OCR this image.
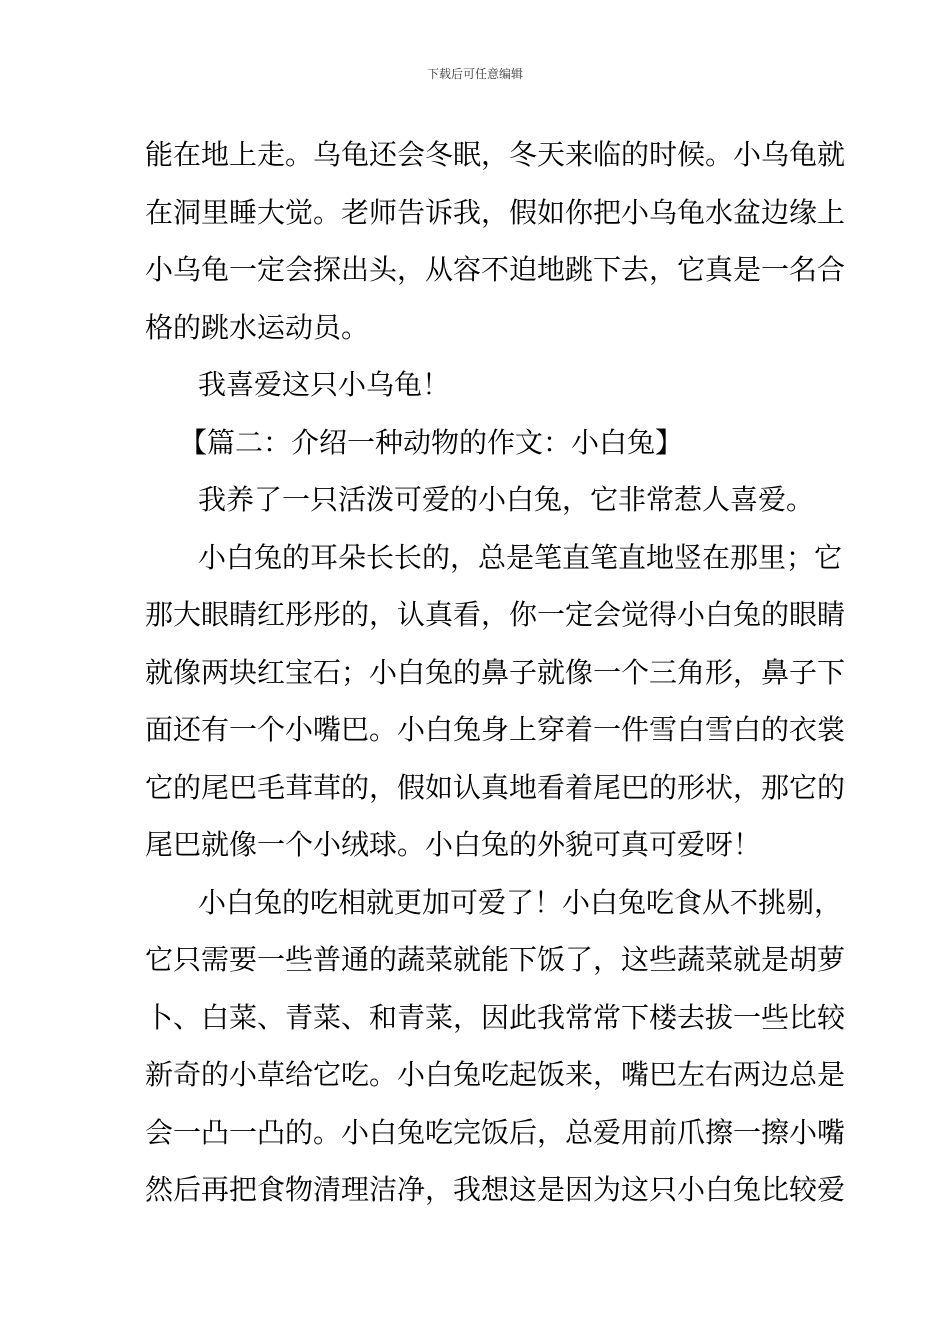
下载后可任意编辑
能在地上走。乌龟还会冬眠，冬天来临的时候。小乌龟就
在洞里睡大觉。老师告诉我，假如你把小乌龟水盆边缘上
小乌龟一定会探出头，从容不迫地跳下去，它真是一名合
格的跳水运动员。
我喜爱这只小乌龟！
【篇二：介绍一种动物的作文：小白兔】
我养了一只活泼可爱的小白兔，它非常惹人喜爱。
小白兔的耳朵长长的，总是笔直笔直地竖在那里；它
那大眼睛红彤彤的，认真看，你一定会觉得小白兔的眼睛
就像两块红宝石；小白兔的鼻子就像一个三角形，鼻子下
面还有一个小嘴巴。小白兔身上穿着一件雪白雪白的衣裳
它的尾巴毛茸茸的，假如认真地看着尾巴的形状，那它的
尾巴就像一个小绒球。小白兔的外貌可真可爱呀！
小白兔的吃相就更加可爱了！小白兔吃食从不挑剔，
它只需要一些普通的蔬菜就能下饭了，这些蔬菜就是胡萝
卜、白菜、青菜、和青菜，因此我常常下楼去拔一些比较
新奇的小草给它吃。小白兔吃起饭来，嘴巴左右两边总是
会一凸一凸的。小白兔吃完饭后，总爱用前爪擦一擦小嘴
然后再把食物清理洁净，我想这是因为这只小白兔比较爱
